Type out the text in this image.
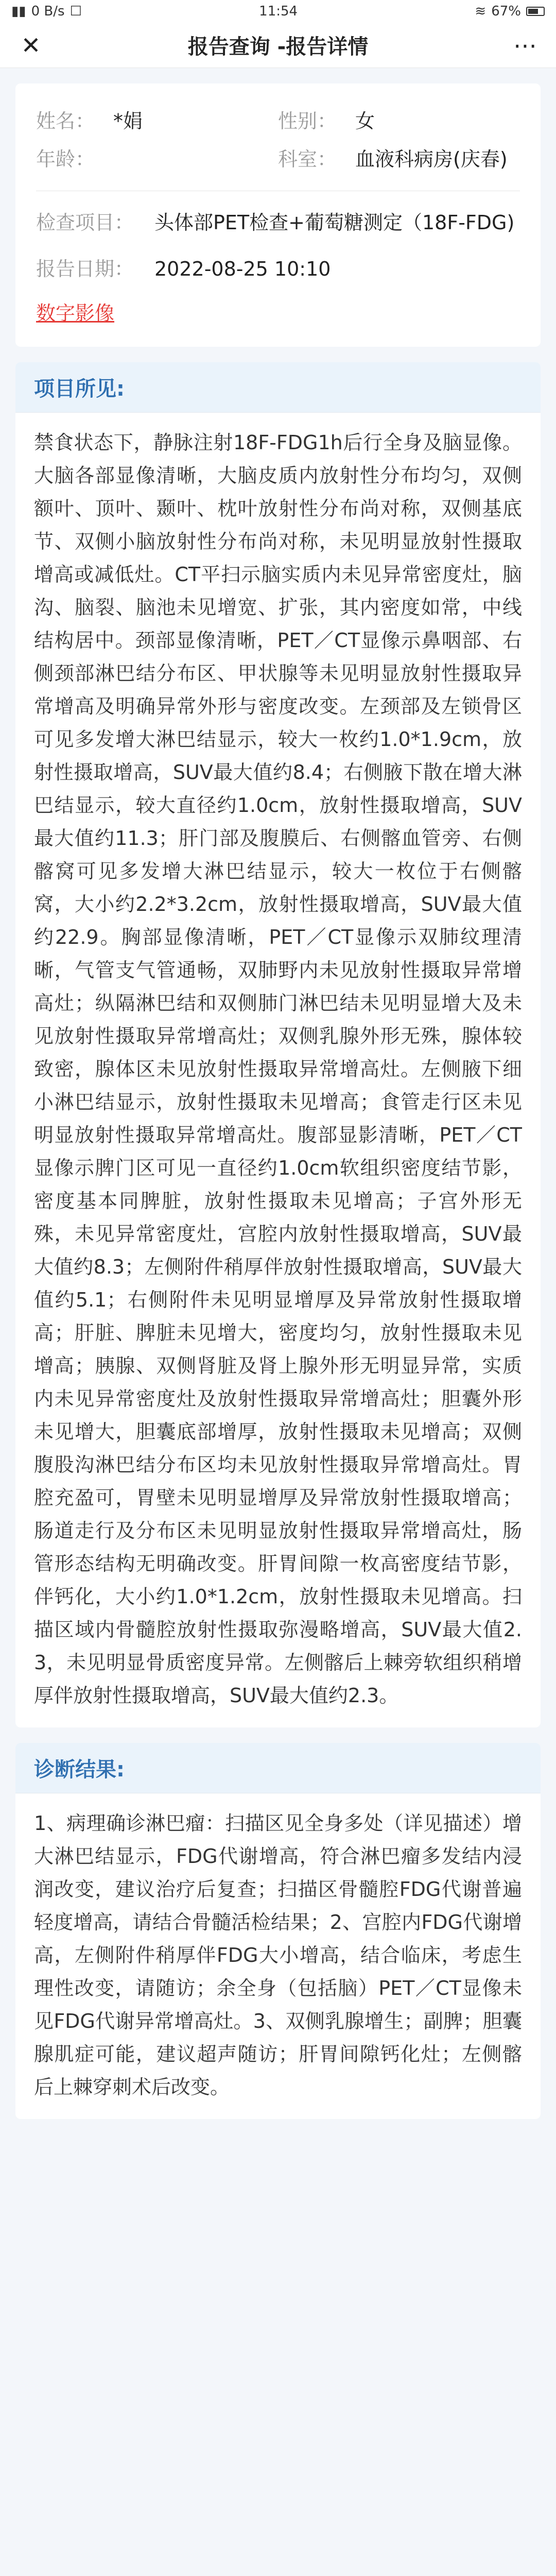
▮▮ 0 B/s ☐	11:54	≋ 67%
✕	报告查询 -报告详情	⋯
姓名： *娟	性别： 女
年龄：	科室： 血液科病房(庆春)
检查项目：	头体部PET检查+葡萄糖测定（18F-FDG)
报告日期：	2022-08-25 10:10
数字影像
项目所见:
禁食状态下，静脉注射18F-FDG1h后行全身及脑显像。大脑各部显像清晰，大脑皮质内放射性分布均匀，双侧额叶、顶叶、颞叶、枕叶放射性分布尚对称，双侧基底节、双侧小脑放射性分布尚对称，未见明显放射性摄取增高或减低灶。CT平扫示脑实质内未见异常密度灶，脑沟、脑裂、脑池未见增宽、扩张，其内密度如常，中线结构居中。颈部显像清晰，PET／CT显像示鼻咽部、右侧颈部淋巴结分布区、甲状腺等未见明显放射性摄取异常增高及明确异常外形与密度改变。左颈部及左锁骨区可见多发增大淋巴结显示，较大一枚约1.0*1.9cm，放射性摄取增高，SUV最大值约8.4；右侧腋下散在增大淋巴结显示，较大直径约1.0cm，放射性摄取增高，SUV最大值约11.3；肝门部及腹膜后、右侧髂血管旁、右侧髂窝可见多发增大淋巴结显示，较大一枚位于右侧髂窝，大小约2.2*3.2cm，放射性摄取增高，SUV最大值约22.9。胸部显像清晰，PET／CT显像示双肺纹理清晰，气管支气管通畅，双肺野内未见放射性摄取异常增高灶；纵隔淋巴结和双侧肺门淋巴结未见明显增大及未见放射性摄取异常增高灶；双侧乳腺外形无殊，腺体较致密，腺体区未见放射性摄取异常增高灶。左侧腋下细小淋巴结显示，放射性摄取未见增高；食管走行区未见明显放射性摄取异常增高灶。腹部显影清晰，PET／CT显像示脾门区可见一直径约1.0cm软组织密度结节影，密度基本同脾脏，放射性摄取未见增高；子宫外形无殊，未见异常密度灶，宫腔内放射性摄取增高，SUV最大值约8.3；左侧附件稍厚伴放射性摄取增高，SUV最大值约5.1；右侧附件未见明显增厚及异常放射性摄取增高；肝脏、脾脏未见增大，密度均匀，放射性摄取未见增高；胰腺、双侧肾脏及肾上腺外形无明显异常，实质内未见异常密度灶及放射性摄取异常增高灶；胆囊外形未见增大，胆囊底部增厚，放射性摄取未见增高；双侧腹股沟淋巴结分布区均未见放射性摄取异常增高灶。胃腔充盈可，胃壁未见明显增厚及异常放射性摄取增高；肠道走行及分布区未见明显放射性摄取异常增高灶，肠管形态结构无明确改变。肝胃间隙一枚高密度结节影，伴钙化，大小约1.0*1.2cm，放射性摄取未见增高。扫描区域内骨髓腔放射性摄取弥漫略增高，SUV最大值2.3，未见明显骨质密度异常。左侧髂后上棘旁软组织稍增厚伴放射性摄取增高，SUV最大值约2.3。
诊断结果:
1、病理确诊淋巴瘤：扫描区见全身多处（详见描述）增大淋巴结显示，FDG代谢增高，符合淋巴瘤多发结内浸润改变，建议治疗后复查；扫描区骨髓腔FDG代谢普遍轻度增高，请结合骨髓活检结果；2、宫腔内FDG代谢增高，左侧附件稍厚伴FDG大小增高，结合临床，考虑生理性改变，请随访；余全身（包括脑）PET／CT显像未见FDG代谢异常增高灶。3、双侧乳腺增生；副脾；胆囊腺肌症可能，建议超声随访；肝胃间隙钙化灶；左侧髂后上棘穿刺术后改变。
